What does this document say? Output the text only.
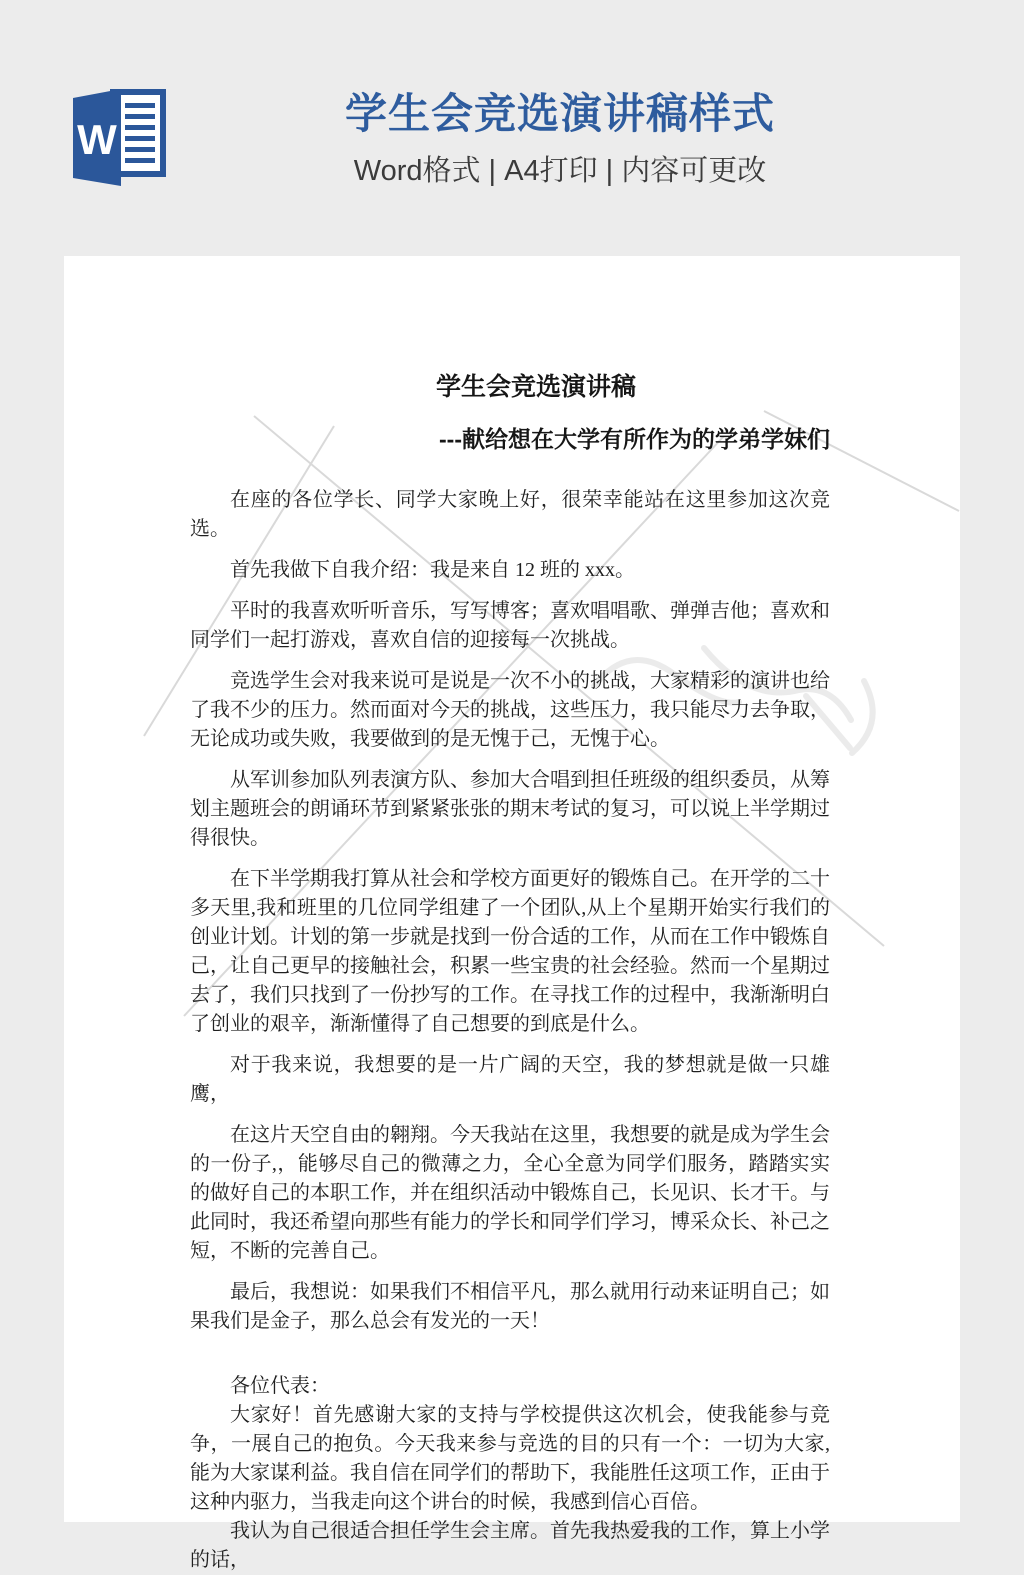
W
学生会竞选演讲稿样式
Word格式 | A4打印 | 内容可更改
学生会竞选演讲稿
---献给想在大学有所作为的学弟学妹们

在座的各位学长、同学大家晚上好，很荣幸能站在这里参加这次竞选。

首先我做下自我介绍：我是来自 12 班的 xxx。

平时的我喜欢听听音乐，写写博客；喜欢唱唱歌、弹弹吉他；喜欢和同学们一起打游戏，喜欢自信的迎接每一次挑战。

竞选学生会对我来说可是说是一次不小的挑战，大家精彩的演讲也给了我不少的压力。然而面对今天的挑战，这些压力，我只能尽力去争取，无论成功或失败，我要做到的是无愧于己，无愧于心。

从军训参加队列表演方队、参加大合唱到担任班级的组织委员，从筹划主题班会的朗诵环节到紧紧张张的期末考试的复习，可以说上半学期过得很快。

在下半学期我打算从社会和学校方面更好的锻炼自己。在开学的二十多天里,我和班里的几位同学组建了一个团队,从上个星期开始实行我们的创业计划。计划的第一步就是找到一份合适的工作，从而在工作中锻炼自己，让自己更早的接触社会，积累一些宝贵的社会经验。然而一个星期过去了，我们只找到了一份抄写的工作。在寻找工作的过程中，我渐渐明白了创业的艰辛，渐渐懂得了自己想要的到底是什么。

对于我来说，我想要的是一片广阔的天空，我的梦想就是做一只雄鹰，

在这片天空自由的翱翔。今天我站在这里，我想要的就是成为学生会的一份子,，能够尽自己的微薄之力，全心全意为同学们服务，踏踏实实的做好自己的本职工作，并在组织活动中锻炼自己，长见识、长才干。与此同时，我还希望向那些有能力的学长和同学们学习，博采众长、补己之短，不断的完善自己。

最后，我想说：如果我们不相信平凡，那么就用行动来证明自己；如果我们是金子，那么总会有发光的一天！

各位代表：

大家好！首先感谢大家的支持与学校提供这次机会，使我能参与竞争，一展自己的抱负。今天我来参与竞选的目的只有一个：一切为大家,能为大家谋利益。我自信在同学们的帮助下，我能胜任这项工作，正由于这种内驱力，当我走向这个讲台的时候，我感到信心百倍。

我认为自己很适合担任学生会主席。首先我热爱我的工作，算上小学的话，
